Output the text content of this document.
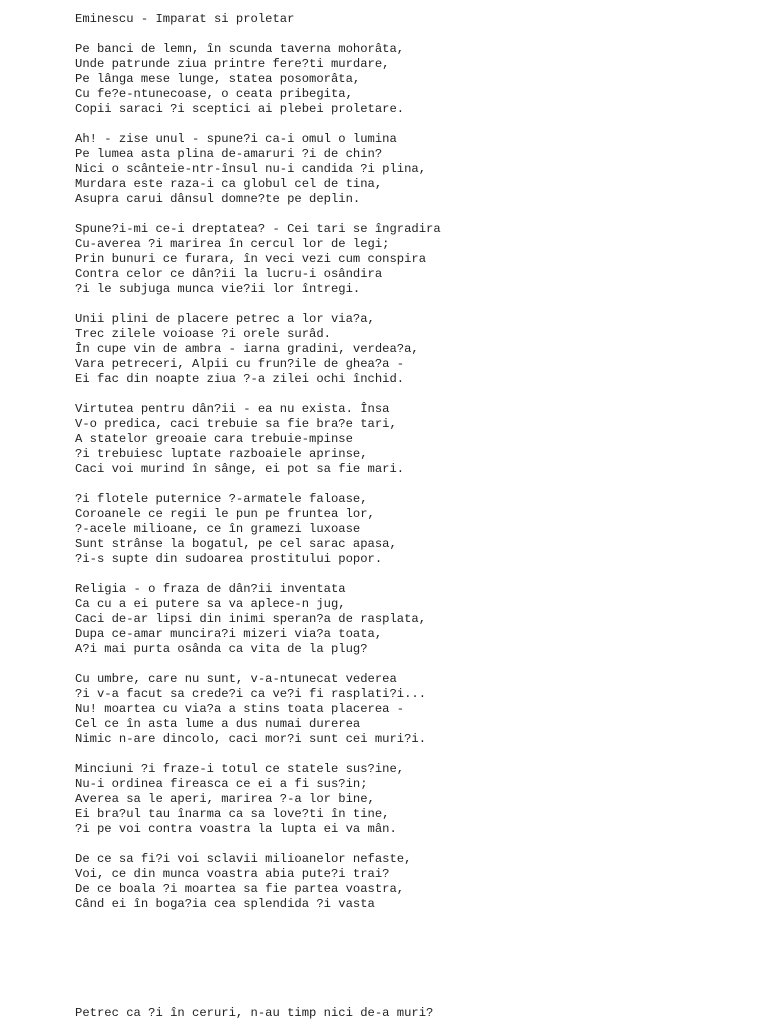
Eminescu - Imparat si proletar
Pe banci de lemn, în scunda taverna mohorâta,
Unde patrunde ziua printre fere?ti murdare,
Pe lânga mese lunge, statea posomorâta,
Cu fe?e-ntunecoase, o ceata pribegita,
Copii saraci ?i sceptici ai plebei proletare.
Ah! - zise unul - spune?i ca-i omul o lumina
Pe lumea asta plina de-amaruri ?i de chin?
Nici o scânteie-ntr-însul nu-i candida ?i plina,
Murdara este raza-i ca globul cel de tina,
Asupra carui dânsul domne?te pe deplin.
Spune?i-mi ce-i dreptatea? - Cei tari se îngradira
Cu-averea ?i marirea în cercul lor de legi;
Prin bunuri ce furara, în veci vezi cum conspira
Contra celor ce dân?ii la lucru-i osândira
?i le subjuga munca vie?ii lor întregi.
Unii plini de placere petrec a lor via?a,
Trec zilele voioase ?i orele surâd.
În cupe vin de ambra - iarna gradini, verdea?a,
Vara petreceri, Alpii cu frun?ile de ghea?a -
Ei fac din noapte ziua ?-a zilei ochi închid.
Virtutea pentru dân?ii - ea nu exista. Însa
V-o predica, caci trebuie sa fie bra?e tari,
A statelor greoaie cara trebuie-mpinse
?i trebuiesc luptate razboaiele aprinse,
Caci voi murind în sânge, ei pot sa fie mari.
?i flotele puternice ?-armatele faloase,
Coroanele ce regii le pun pe fruntea lor,
?-acele milioane, ce în gramezi luxoase
Sunt strânse la bogatul, pe cel sarac apasa,
?i-s supte din sudoarea prostitului popor.
Religia - o fraza de dân?ii inventata
Ca cu a ei putere sa va aplece-n jug,
Caci de-ar lipsi din inimi speran?a de rasplata,
Dupa ce-amar muncira?i mizeri via?a toata,
A?i mai purta osânda ca vita de la plug?
Cu umbre, care nu sunt, v-a-ntunecat vederea
?i v-a facut sa crede?i ca ve?i fi rasplati?i...
Nu! moartea cu via?a a stins toata placerea -
Cel ce în asta lume a dus numai durerea
Nimic n-are dincolo, caci mor?i sunt cei muri?i.
Minciuni ?i fraze-i totul ce statele sus?ine,
Nu-i ordinea fireasca ce ei a fi sus?in;
Averea sa le aperi, marirea ?-a lor bine,
Ei bra?ul tau înarma ca sa love?ti în tine,
?i pe voi contra voastra la lupta ei va mân.
De ce sa fi?i voi sclavii milioanelor nefaste,
Voi, ce din munca voastra abia pute?i trai?
De ce boala ?i moartea sa fie partea voastra,
Când ei în boga?ia cea splendida ?i vasta
Petrec ca ?i în ceruri, n-au timp nici de-a muri?
